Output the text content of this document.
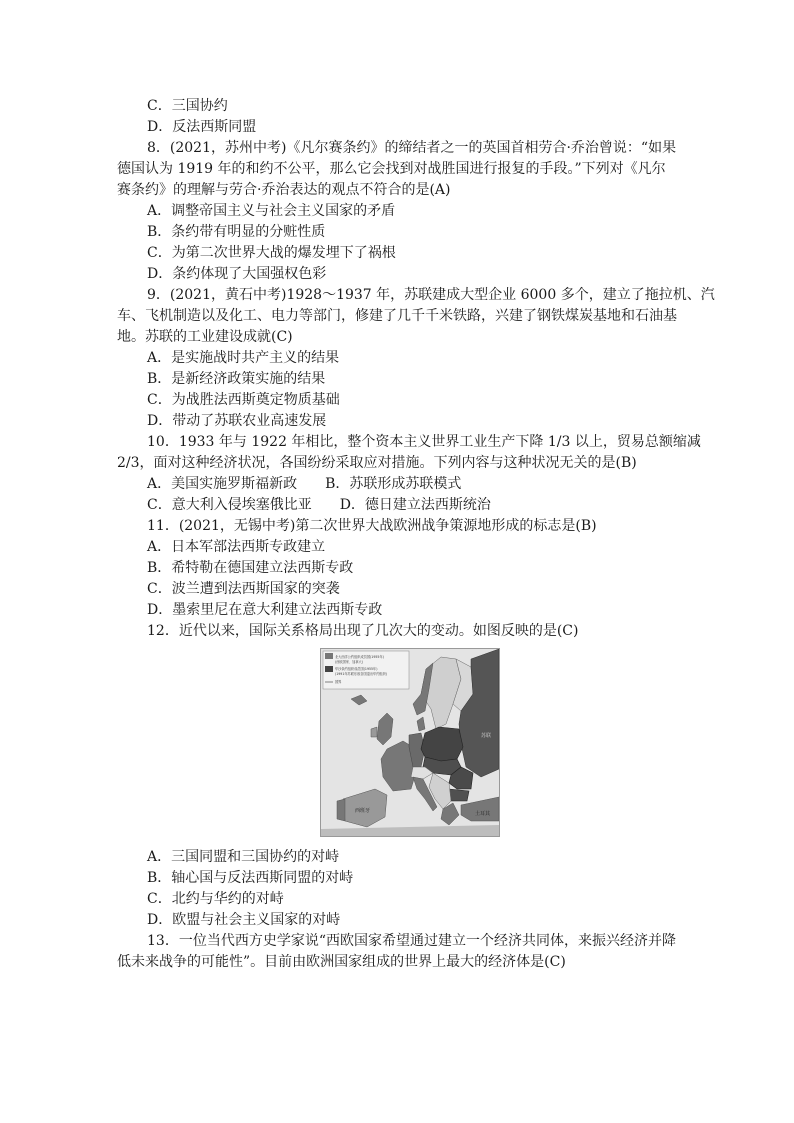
C．三国协约
D．反法西斯同盟
8．(2021，苏州中考)《凡尔赛条约》的缔结者之一的英国首相劳合·乔治曾说：“如果
德国认为 1919 年的和约不公平，那么它会找到对战胜国进行报复的手段。”下列对《凡尔
赛条约》的理解与劳合·乔治表达的观点不符合的是(A)
A．调整帝国主义与社会主义国家的矛盾
B．条约带有明显的分赃性质
C．为第二次世界大战的爆发埋下了祸根
D．条约体现了大国强权色彩
9．(2021，黄石中考)1928～1937 年，苏联建成大型企业 6000 多个，建立了拖拉机、汽
车、飞机制造以及化工、电力等部门，修建了几千千米铁路，兴建了钢铁煤炭基地和石油基
地。苏联的工业建设成就(C)
A．是实施战时共产主义的结果
B．是新经济政策实施的结果
C．为战胜法西斯奠定物质基础
D．带动了苏联农业高速发展
10．1933 年与 1922 年相比，整个资本主义世界工业生产下降 1/3 以上，贸易总额缩减
2/3，面对这种经济状况，各国纷纷采取应对措施。下列内容与这种状况无关的是(B)
A．美国实施罗斯福新政　　B．苏联形成苏联模式
C．意大利入侵埃塞俄比亚　　D．德日建立法西斯统治
11．(2021，无锡中考)第二次世界大战欧洲战争策源地形成的标志是(B)
A．日本军部法西斯专政建立
B．希特勒在德国建立法西斯专政
C．波兰遭到法西斯国家的突袭
D．墨索里尼在意大利建立法西斯专政
12．近代以来，国际关系格局出现了几次大的变动。如图反映的是(C)
北大西洋公约组织成员国(1955年)
(西欧国家、加拿大)
华沙条约组织成员国(1955年)
(1991年苏联东欧各国退出华约组织)
国界
苏联
土耳其
西班牙
A．三国同盟和三国协约的对峙
B．轴心国与反法西斯同盟的对峙
C．北约与华约的对峙
D．欧盟与社会主义国家的对峙
13．一位当代西方史学家说“西欧国家希望通过建立一个经济共同体，来振兴经济并降
低未来战争的可能性”。目前由欧洲国家组成的世界上最大的经济体是(C)
